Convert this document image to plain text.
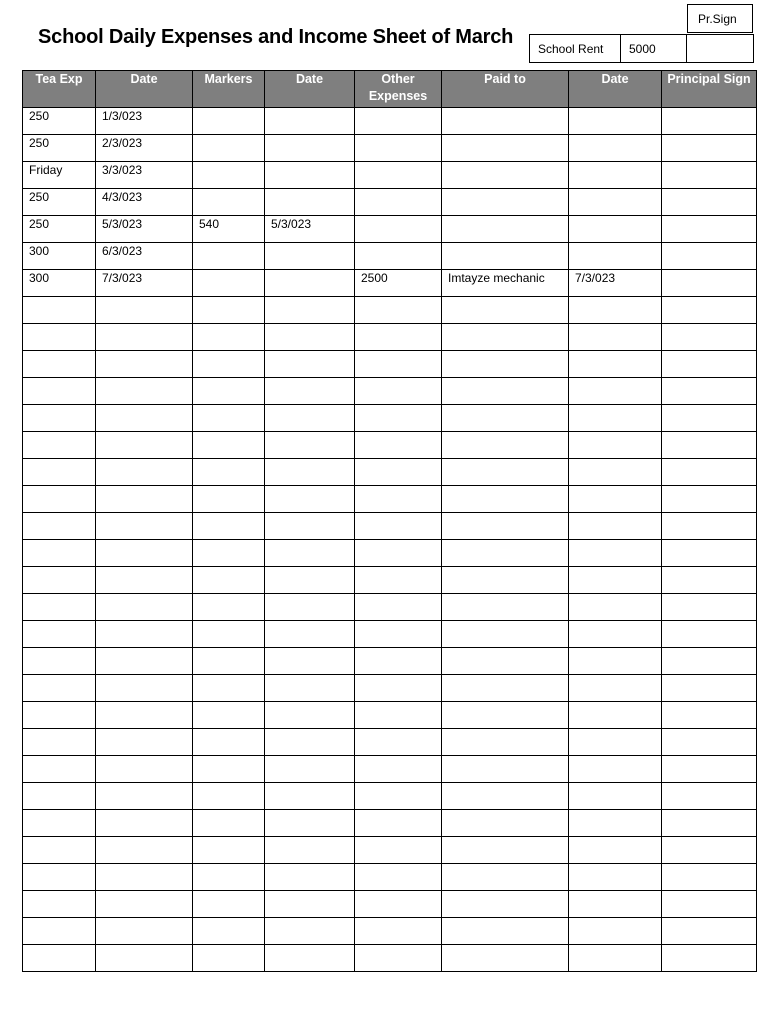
School Daily Expenses and Income Sheet of March
Pr.Sign
School Rent 5000
Tea Exp	Date	Markers	Date	Other Expenses	Paid to	Date	Principal Sign
250	1/3/023						
250	2/3/023						
Friday	3/3/023						
250	4/3/023						
250	5/3/023	540	5/3/023				
300	6/3/023						
300	7/3/023			2500	Imtayze mechanic	7/3/023	
